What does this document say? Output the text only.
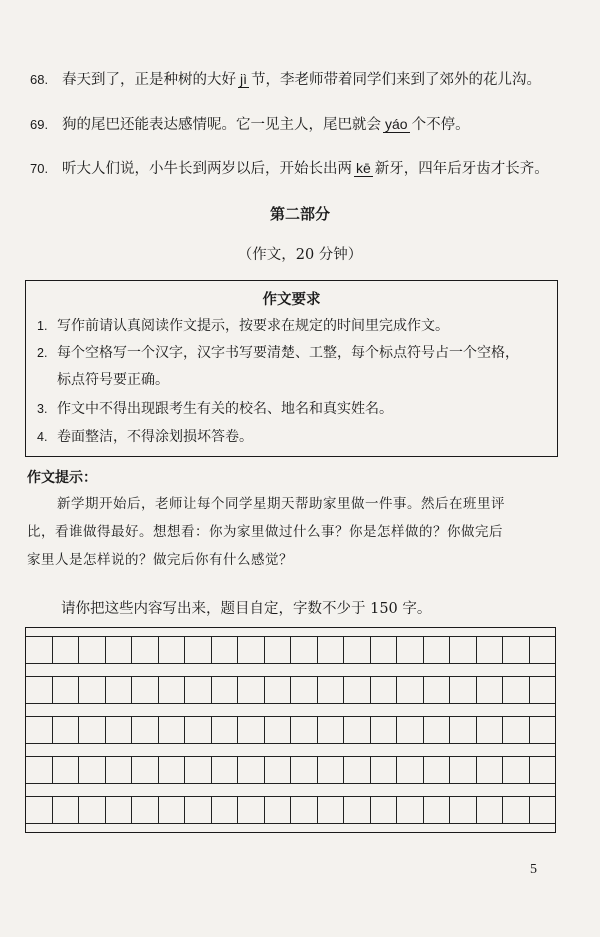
68. 春天到了，正是种树的大好 jì 节，李老师带着同学们来到了郊外的花儿沟。
69. 狗的尾巴还能表达感情呢。它一见主人，尾巴就会 yáo 个不停。
70. 听大人们说，小牛长到两岁以后，开始长出两 kē 新牙，四年后牙齿才长齐。
第二部分
（作文，20 分钟）
作文要求
1. 写作前请认真阅读作文提示，按要求在规定的时间里完成作文。
2. 每个空格写一个汉字，汉字书写要清楚、工整，每个标点符号占一个空格，
标点符号要正确。
3. 作文中不得出现跟考生有关的校名、地名和真实姓名。
4. 卷面整洁，不得涂划损坏答卷。
作文提示：
新学期开始后，老师让每个同学星期天帮助家里做一件事。然后在班里评
比，看谁做得最好。想想看：你为家里做过什么事？你是怎样做的？你做完后
家里人是怎样说的？做完后你有什么感觉？
请你把这些内容写出来，题目自定，字数不少于 150 字。
5
